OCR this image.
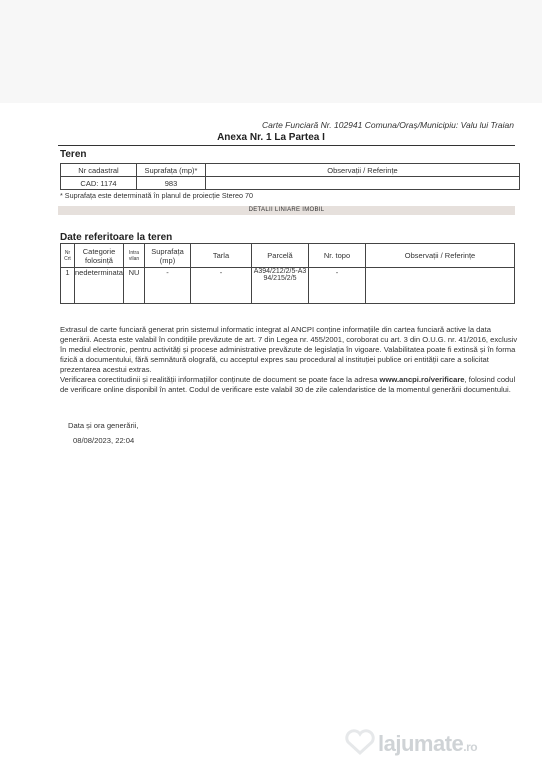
Carte Funciară Nr. 102941 Comuna/Oraș/Municipiu: Valu lui Traian
Anexa Nr. 1 La Partea I
Teren
Nr cadastral	Suprafața (mp)*	Observații / Referințe
CAD: 1174	983	
* Suprafața este determinată în planul de proiecție Stereo 70
DETALII LINIARE IMOBIL
Date referitoare la teren
Nr Crt	Categorie folosință	Intra vilan	Suprafața (mp)	Tarla	Parcelă	Nr. topo	Observații / Referințe
1	nedeterminata	NU	-	-	A394/212/2/5-A394/215/2/5	-	

Extrasul de carte funciară generat prin sistemul informatic integrat al ANCPI conține informațiile din cartea funciară active la data generării. Acesta este valabil în condițiile prevăzute de art. 7 din Legea nr. 455/2001, coroborat cu art. 3 din O.U.G. nr. 41/2016, exclusiv în mediul electronic, pentru activități și procese administrative prevăzute de legislația în vigoare. Valabilitatea poate fi extinsă și în forma fizică a documentului, fără semnătură olografă, cu acceptul expres sau procedural al instituției publice ori entității care a solicitat prezentarea acestui extras.

Verificarea corectitudinii și realității informațiilor conținute de document se poate face la adresa www.ancpi.ro/verificare, folosind codul de verificare online disponibil în antet. Codul de verificare este valabil 30 de zile calendaristice de la momentul generării documentului.

Data și ora generării,
08/08/2023, 22:04
lajumate.ro
